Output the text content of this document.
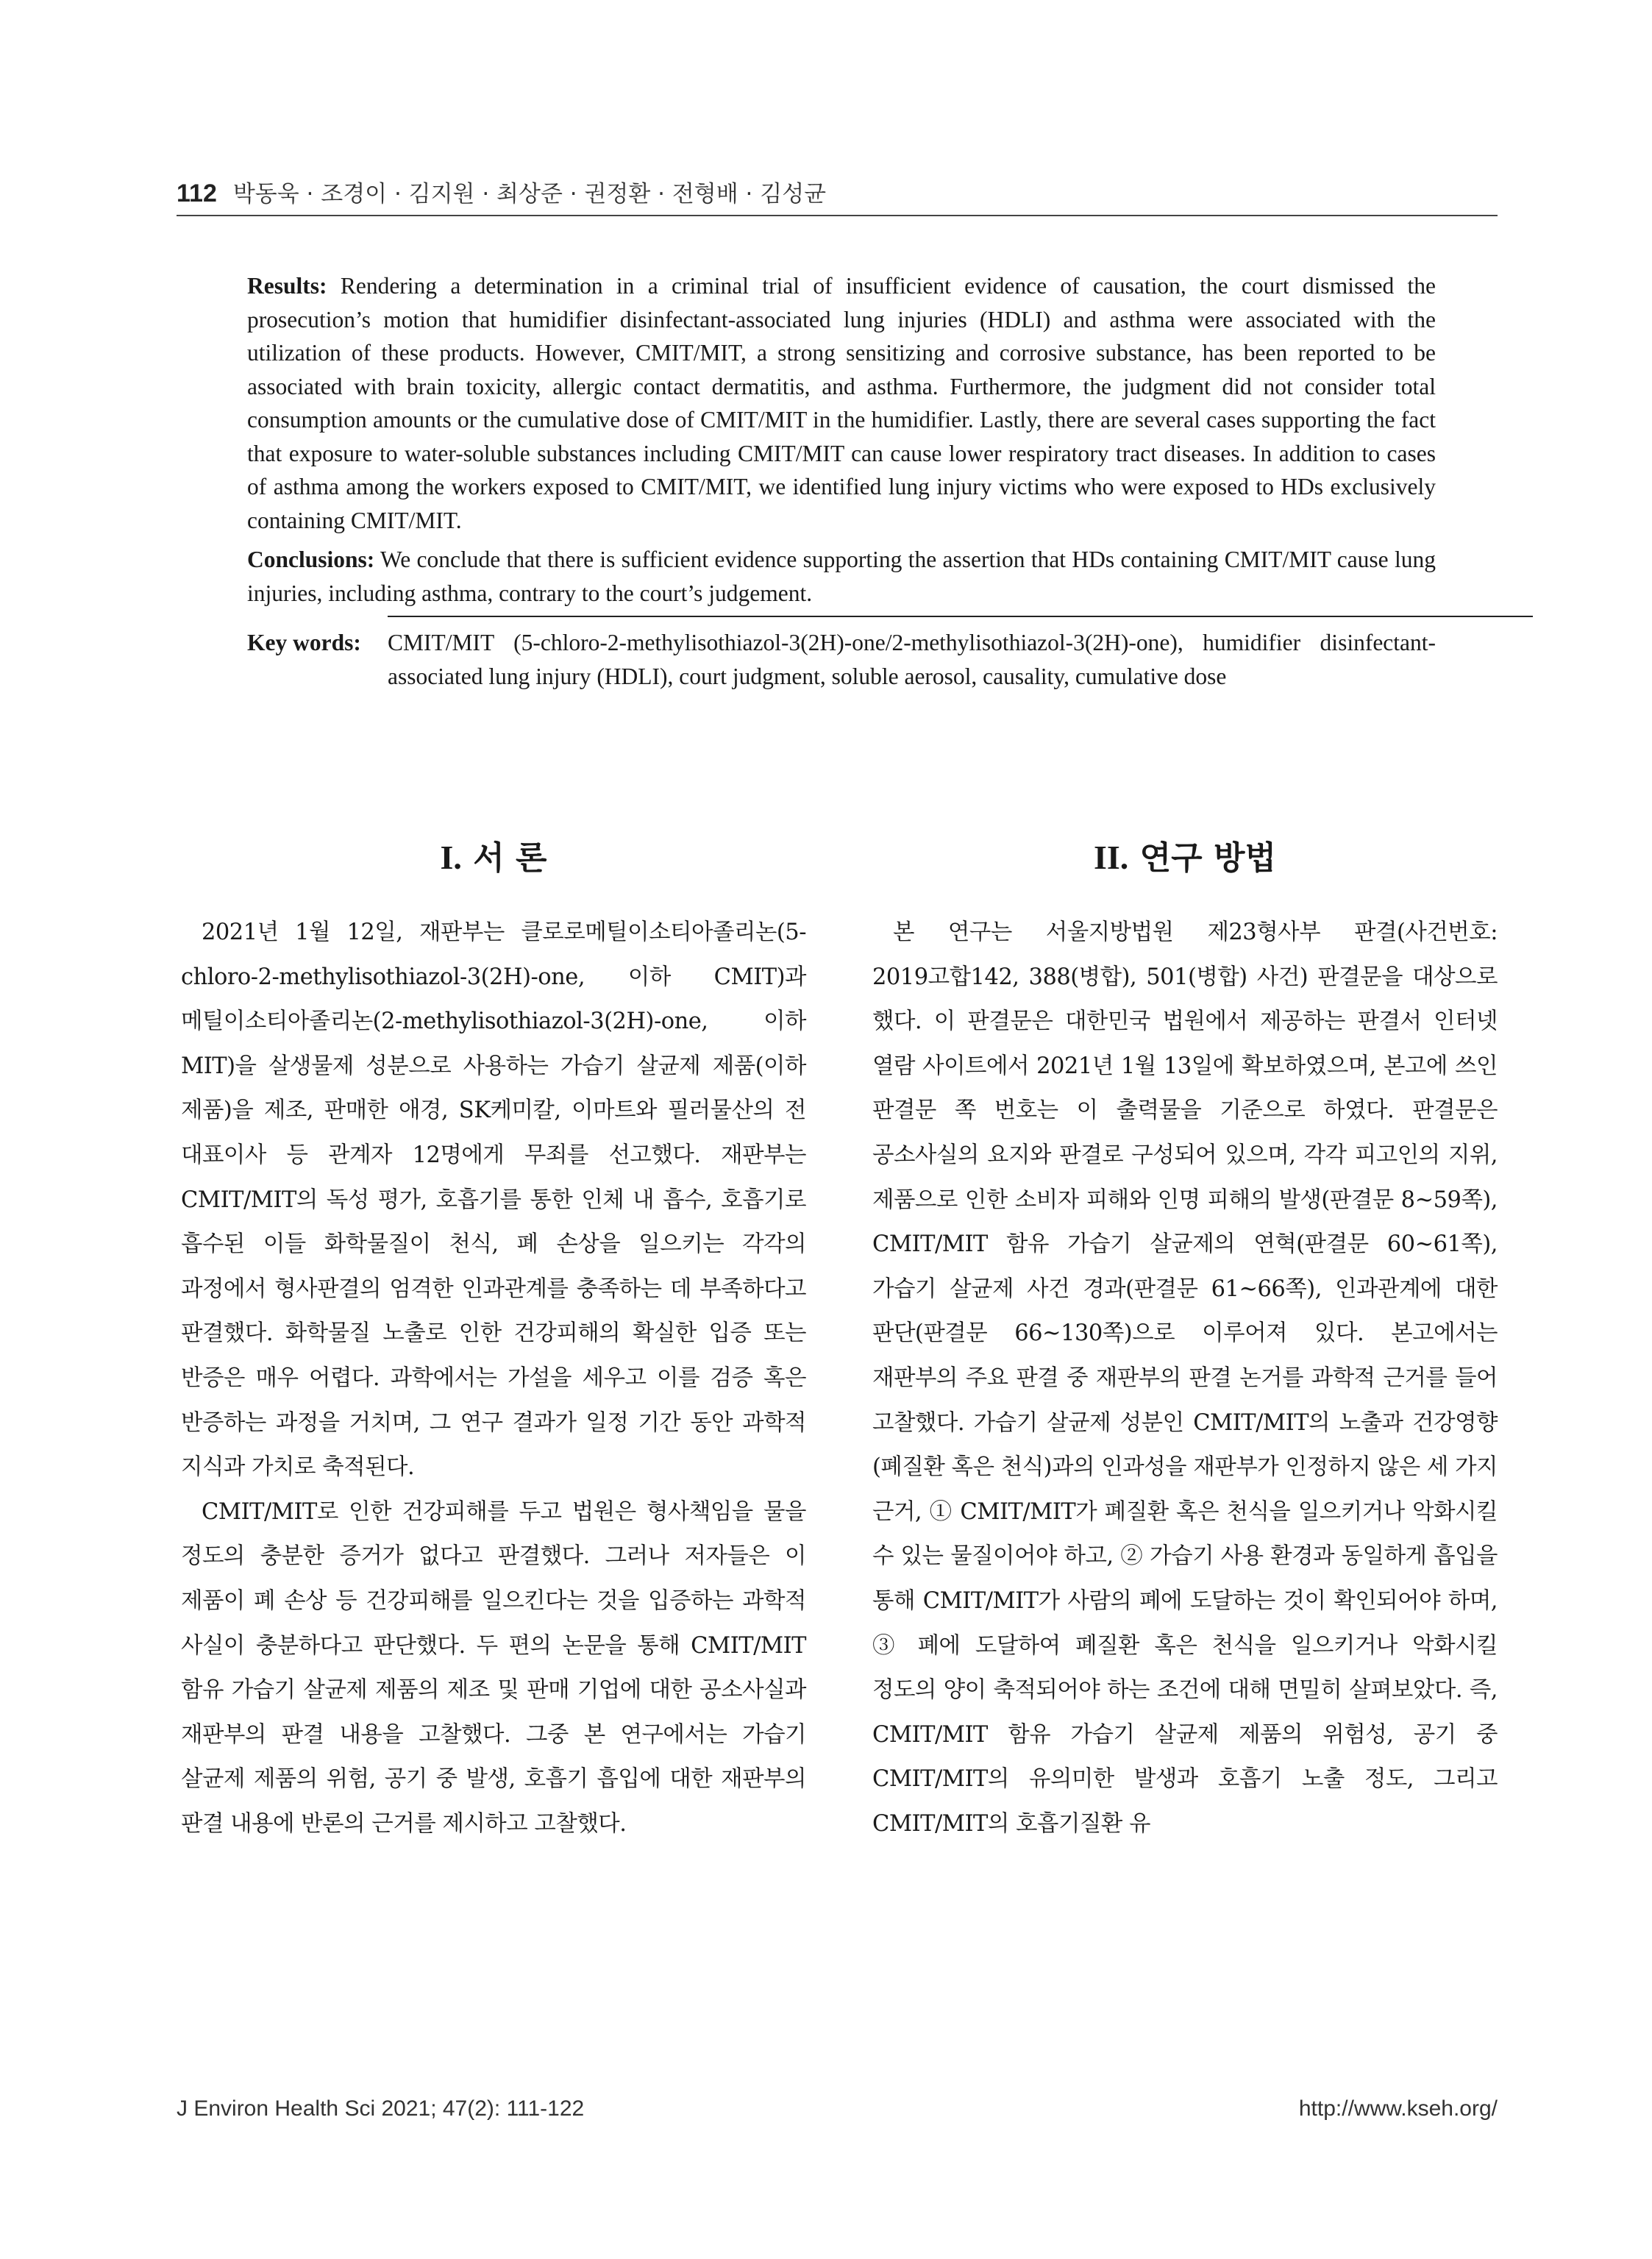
112 박동욱 · 조경이 · 김지원 · 최상준 · 권정환 · 전형배 · 김성균

Results: Rendering a determination in a criminal trial of insufficient evidence of causation, the court dismissed the prosecution’s motion that humidifier disinfectant-associated lung injuries (HDLI) and asthma were associated with the utilization of these products. However, CMIT/MIT, a strong sensitizing and corrosive substance, has been reported to be associated with brain toxicity, allergic contact dermatitis, and asthma. Furthermore, the judgment did not consider total consumption amounts or the cumulative dose of CMIT/MIT in the humidifier. Lastly, there are several cases supporting the fact that exposure to water-soluble substances including CMIT/MIT can cause lower respiratory tract diseases. In addition to cases of asthma among the workers exposed to CMIT/MIT, we identified lung injury victims who were exposed to HDs exclusively containing CMIT/MIT.

Conclusions: We conclude that there is sufficient evidence supporting the assertion that HDs containing CMIT/MIT cause lung injuries, including asthma, contrary to the court’s judgement.

Key words:	CMIT/MIT (5-chloro-2-methylisothiazol-3(2H)-one/2-methylisothiazol-3(2H)-one), humidifier disinfectant-associated lung injury (HDLI), court judgment, soluble aerosol, causality, cumulative dose
I. 서 론

2021년 1월 12일, 재판부는 클로로메틸이소티아졸리논(5-chloro-2-methylisothiazol-3(2H)-one, 이하 CMIT)과 메틸이소티아졸리논(2-methylisothiazol-3(2H)-one, 이하 MIT)을 살생물제 성분으로 사용하는 가습기 살균제 제품(이하 제품)을 제조, 판매한 애경, SK케미칼, 이마트와 필러물산의 전 대표이사 등 관계자 12명에게 무죄를 선고했다. 재판부는 CMIT/MIT의 독성 평가, 호흡기를 통한 인체 내 흡수, 호흡기로 흡수된 이들 화학물질이 천식, 폐 손상을 일으키는 각각의 과정에서 형사판결의 엄격한 인과관계를 충족하는 데 부족하다고 판결했다. 화학물질 노출로 인한 건강피해의 확실한 입증 또는 반증은 매우 어렵다. 과학에서는 가설을 세우고 이를 검증 혹은 반증하는 과정을 거치며, 그 연구 결과가 일정 기간 동안 과학적 지식과 가치로 축적된다.

CMIT/MIT로 인한 건강피해를 두고 법원은 형사책임을 물을 정도의 충분한 증거가 없다고 판결했다. 그러나 저자들은 이 제품이 폐 손상 등 건강피해를 일으킨다는 것을 입증하는 과학적 사실이 충분하다고 판단했다. 두 편의 논문을 통해 CMIT/MIT 함유 가습기 살균제 제품의 제조 및 판매 기업에 대한 공소사실과 재판부의 판결 내용을 고찰했다. 그중 본 연구에서는 가습기 살균제 제품의 위험, 공기 중 발생, 호흡기 흡입에 대한 재판부의 판결 내용에 반론의 근거를 제시하고 고찰했다.

II. 연구 방법

본 연구는 서울지방법원 제23형사부 판결(사건번호: 2019고합142, 388(병합), 501(병합) 사건) 판결문을 대상으로 했다. 이 판결문은 대한민국 법원에서 제공하는 판결서 인터넷 열람 사이트에서 2021년 1월 13일에 확보하였으며, 본고에 쓰인 판결문 쪽 번호는 이 출력물을 기준으로 하였다. 판결문은 공소사실의 요지와 판결로 구성되어 있으며, 각각 피고인의 지위, 제품으로 인한 소비자 피해와 인명 피해의 발생(판결문 8~59쪽), CMIT/MIT 함유 가습기 살균제의 연혁(판결문 60~61쪽), 가습기 살균제 사건 경과(판결문 61~66쪽), 인과관계에 대한 판단(판결문 66~130쪽)으로 이루어져 있다. 본고에서는 재판부의 주요 판결 중 재판부의 판결 논거를 과학적 근거를 들어 고찰했다. 가습기 살균제 성분인 CMIT/MIT의 노출과 건강영향(폐질환 혹은 천식)과의 인과성을 재판부가 인정하지 않은 세 가지 근거, ① CMIT/MIT가 폐질환 혹은 천식을 일으키거나 악화시킬 수 있는 물질이어야 하고, ② 가습기 사용 환경과 동일하게 흡입을 통해 CMIT/MIT가 사람의 폐에 도달하는 것이 확인되어야 하며, ③ 폐에 도달하여 폐질환 혹은 천식을 일으키거나 악화시킬 정도의 양이 축적되어야 하는 조건에 대해 면밀히 살펴보았다. 즉, CMIT/MIT 함유 가습기 살균제 제품의 위험성, 공기 중 CMIT/MIT의 유의미한 발생과 호흡기 노출 정도, 그리고 CMIT/MIT의 호흡기질환 유

J Environ Health Sci 2021; 47(2): 111-122	http://www.kseh.org/
